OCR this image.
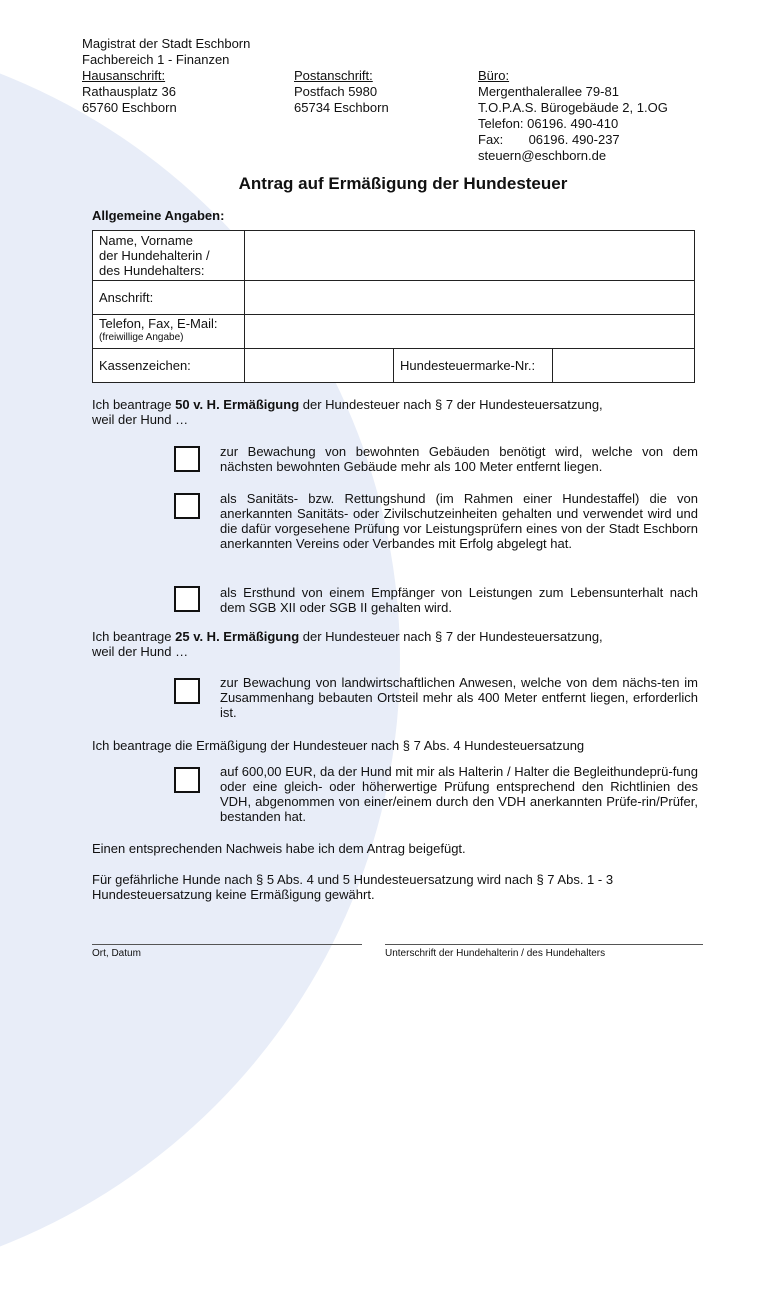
Magistrat der Stadt Eschborn
Fachbereich 1 - Finanzen
Hausanschrift:
Rathausplatz 36
65760 Eschborn
Postanschrift:
Postfach 5980
65734 Eschborn
Büro:
Mergenthalerallee 79-81
T.O.P.A.S. Bürogebäude 2, 1.OG
Telefon: 06196. 490-410
Fax:       06196. 490-237
steuern@eschborn.de
Antrag auf Ermäßigung der Hundesteuer
Allgemeine Angaben:
Name, Vorname
der Hundehalterin /
des Hundehalters:			
Anschrift:			
Telefon, Fax, E-Mail:
(freiwillige Angabe)			

Kassenzeichen:		Hundesteuermarke-Nr.:	
Ich beantrage 50 v. H. Ermäßigung der Hundesteuer nach § 7 der Hundesteuersatzung,
weil der Hund …
zur Bewachung von bewohnten Gebäuden benötigt wird, welche von dem nächsten bewohnten Gebäude mehr als 100 Meter entfernt liegen.
als Sanitäts- bzw. Rettungshund (im Rahmen einer Hundestaffel) die von anerkannten Sanitäts- oder Zivilschutzeinheiten gehalten und verwendet wird und die dafür vorgesehene Prüfung vor Leistungsprüfern eines von der Stadt Eschborn anerkannten Vereins oder Verbandes mit Erfolg abgelegt hat.
als Ersthund von einem Empfänger von Leistungen zum Lebensunterhalt nach dem SGB XII oder SGB II gehalten wird.
Ich beantrage 25 v. H. Ermäßigung der Hundesteuer nach § 7 der Hundesteuersatzung,
weil der Hund …
zur Bewachung von landwirtschaftlichen Anwesen, welche von dem nächs-ten im Zusammenhang bebauten Ortsteil mehr als 400 Meter entfernt liegen, erforderlich ist.
Ich beantrage die Ermäßigung der Hundesteuer nach § 7 Abs. 4 Hundesteuersatzung
auf 600,00 EUR, da der Hund mit mir als Halterin / Halter die Begleithundeprü-fung oder eine gleich- oder höherwertige Prüfung entsprechend den Richtlinien des VDH, abgenommen von einer/einem durch den VDH anerkannten Prüfe-rin/Prüfer, bestanden hat.
Einen entsprechenden Nachweis habe ich dem Antrag beigefügt.
Für gefährliche Hunde nach § 5 Abs. 4 und 5 Hundesteuersatzung wird nach § 7 Abs. 1 - 3 Hundesteuersatzung keine Ermäßigung gewährt.
Ort, Datum	Unterschrift der Hundehalterin / des Hundehalters
